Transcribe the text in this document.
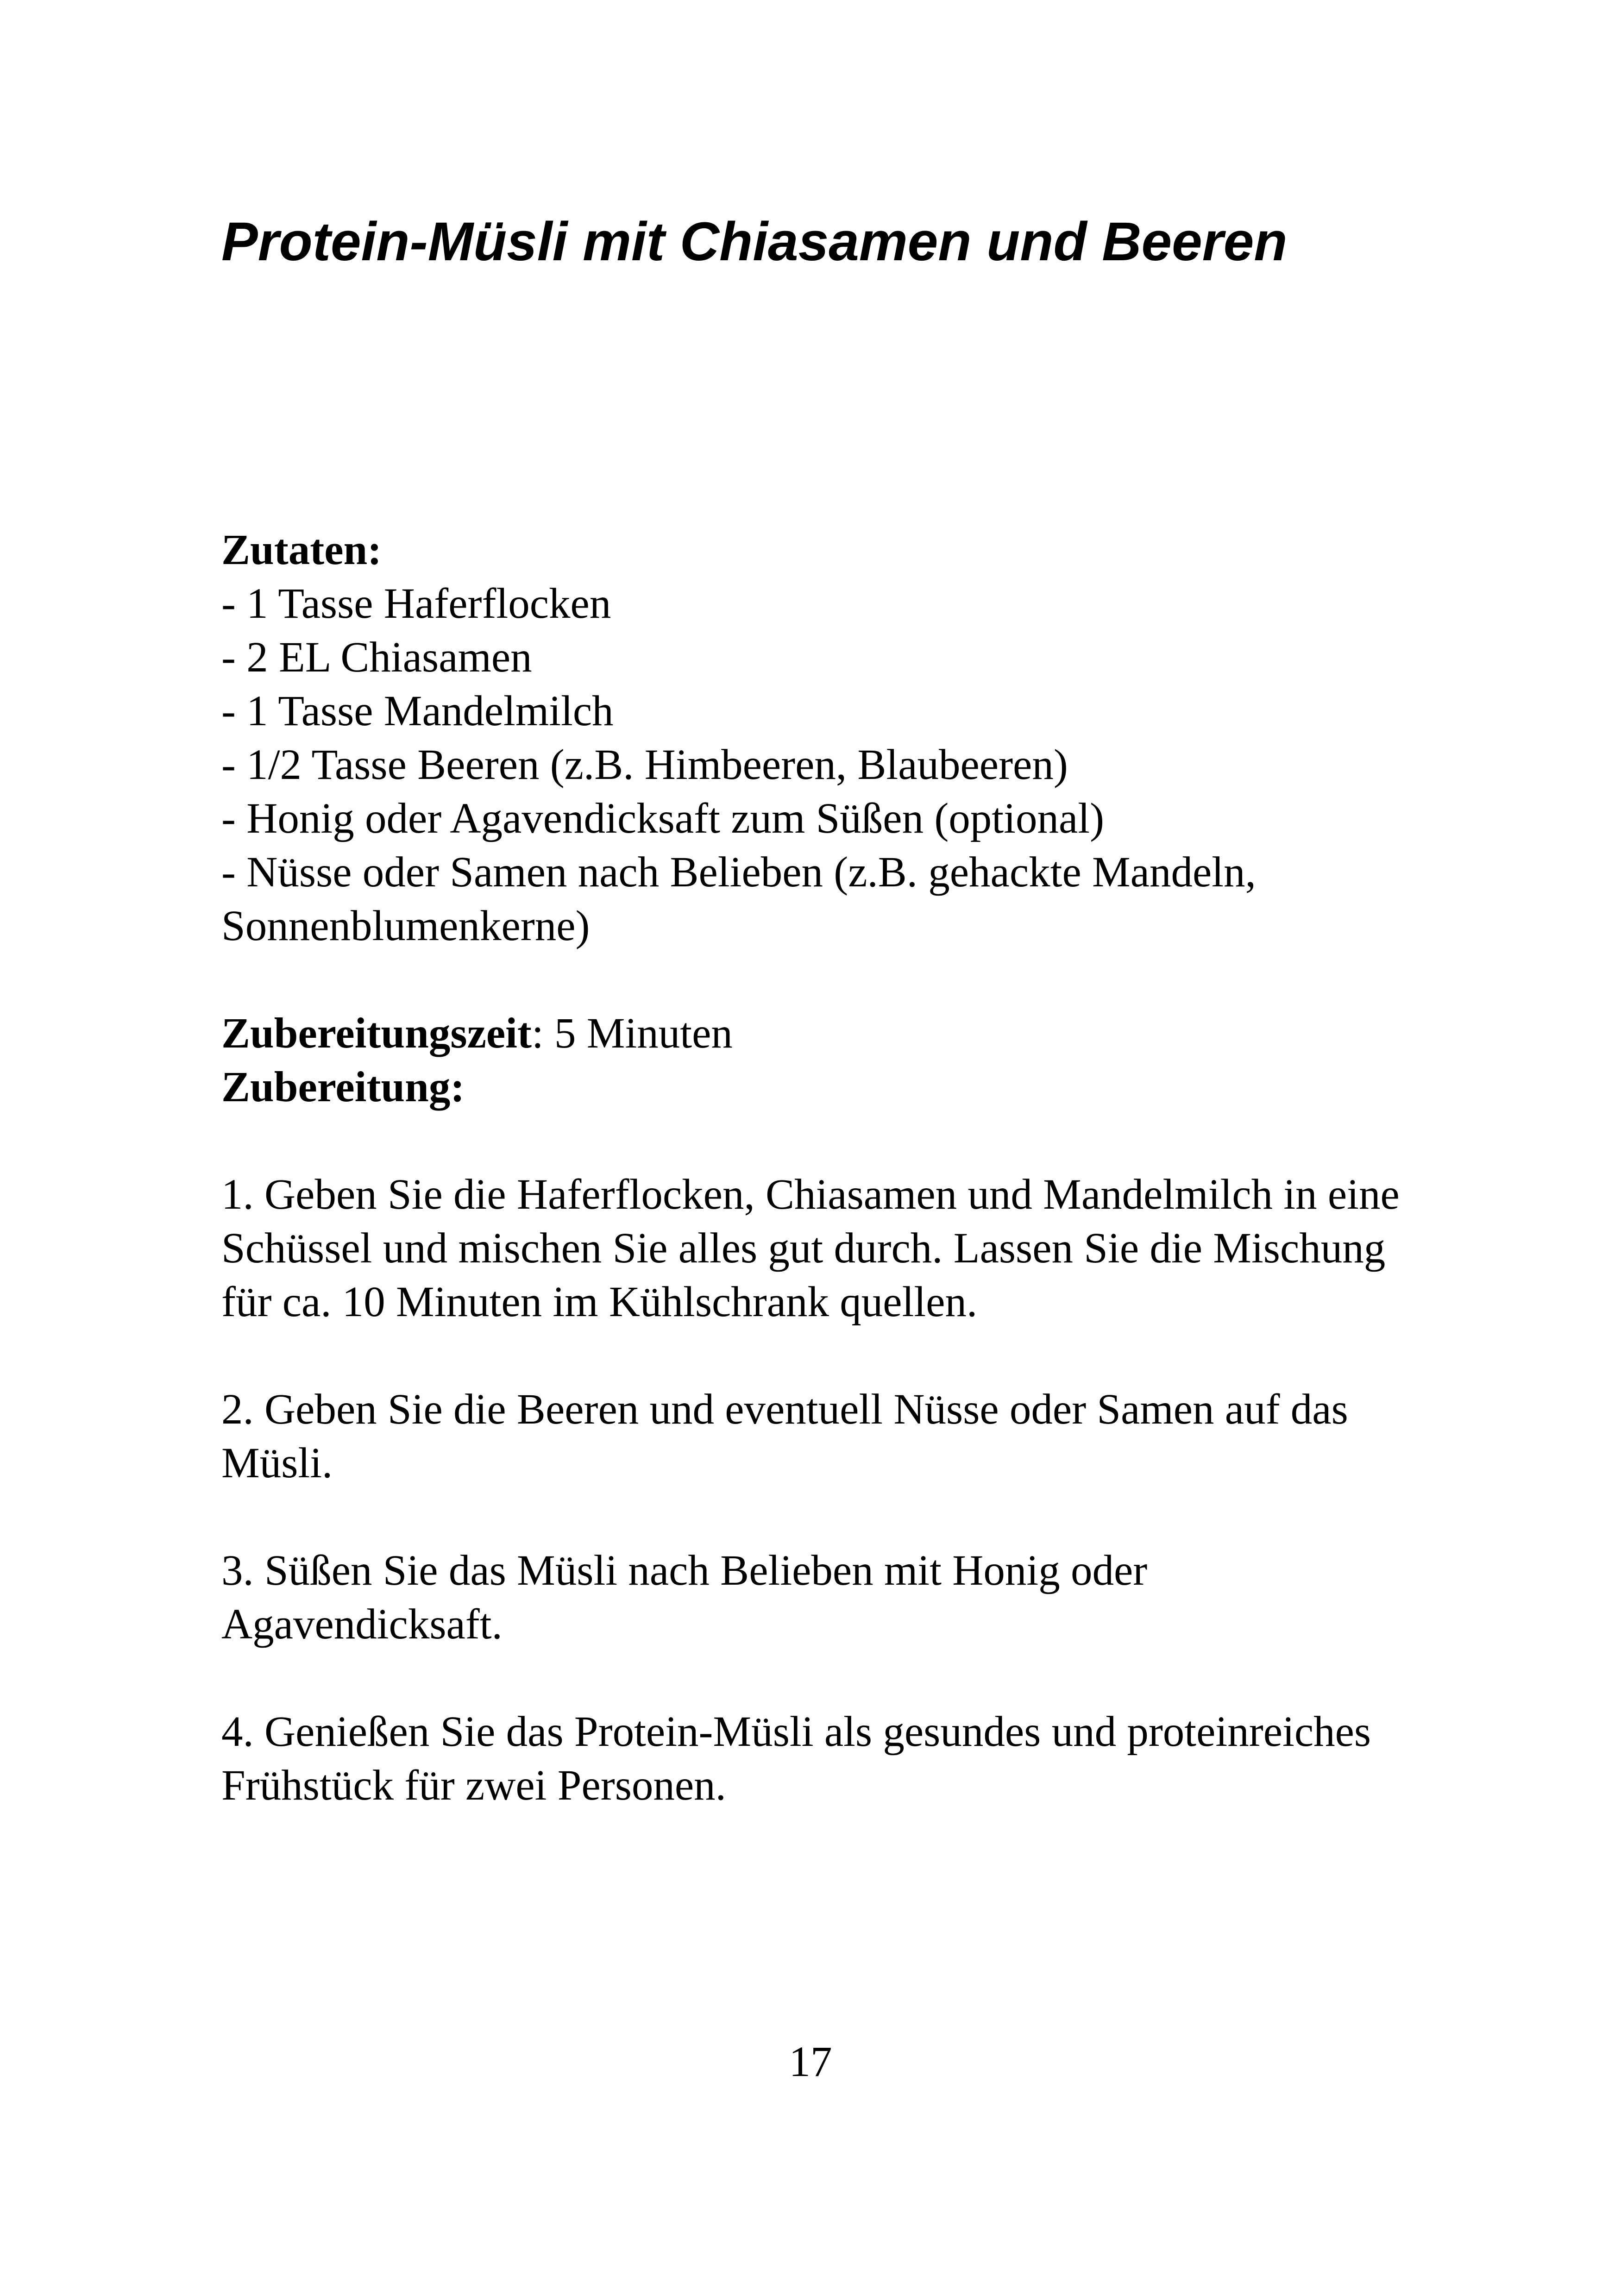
Protein-Müsli mit Chiasamen und Beeren

Zutaten:

- 1 Tasse Haferflocken
- 2 EL Chiasamen
- 1 Tasse Mandelmilch
- 1/2 Tasse Beeren (z.B. Himbeeren, Blaubeeren)
- Honig oder Agavendicksaft zum Süßen (optional)
- Nüsse oder Samen nach Belieben (z.B. gehackte Mandeln, Sonnenblumenkerne)

Zubereitungszeit: 5 Minuten

Zubereitung:

1. Geben Sie die Haferflocken, Chiasamen und Mandelmilch in eine Schüssel und mischen Sie alles gut durch. Lassen Sie die Mischung für ca. 10 Minuten im Kühlschrank quellen.

2. Geben Sie die Beeren und eventuell Nüsse oder Samen auf das Müsli.

3. Süßen Sie das Müsli nach Belieben mit Honig oder Agavendicksaft.

4. Genießen Sie das Protein-Müsli als gesundes und proteinreiches Frühstück für zwei Personen.

17
